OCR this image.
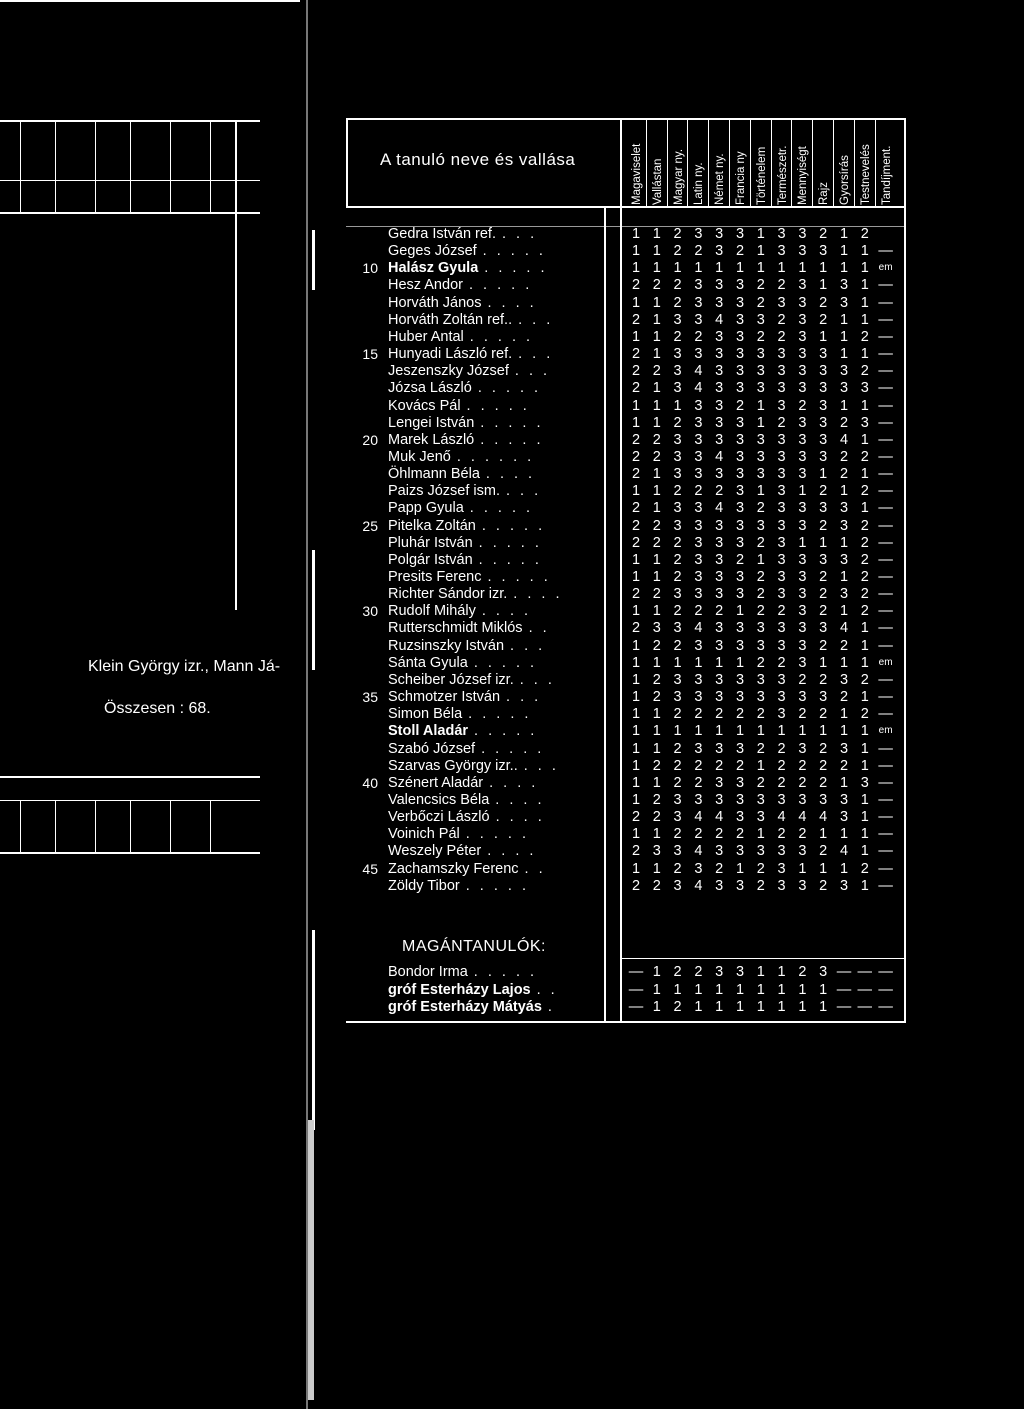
Klein György izr., Mann Já-
Összesen : 68.
A tanuló neve és vallása	Magaviselet Vallástan Magyar ny. Latin ny. Német ny. Francia ny Történelem Természetr. Mennyiségt Rajz Gyorsírás Testnevelés Tandíjment.
Gedra István ref. . . .	1 1 2 3 3 3 1 3 3 2 1 2
Geges József . . . . .	1 1 2 2 3 2 1 3 3 3 1 1 —
10 Halász Gyula . . . . .	1 1 1 1 1 1 1 1 1 1 1 1 em
Hesz Andor . . . . .	2 2 2 3 3 3 2 2 3 1 3 1 —
Horváth János . . . .	1 1 2 3 3 3 2 3 3 2 3 1 —
Horváth Zoltán ref.. . . .	2 1 3 3 4 3 3 2 3 2 1 1 —
Huber Antal . . . . .	1 1 2 2 3 3 2 2 3 1 1 2 —
15 Hunyadi László ref. . . .	2 1 3 3 3 3 3 3 3 3 1 1 —
Jeszenszky József . . .	2 2 3 4 3 3 3 3 3 3 3 2 —
Józsa László . . . . .	2 1 3 4 3 3 3 3 3 3 3 3 —
Kovács Pál . . . . .	1 1 1 3 3 2 1 3 2 3 1 1 —
Lengei István . . . . .	1 1 2 3 3 3 1 2 3 3 2 3 —
20 Marek László . . . . .	2 2 3 3 3 3 3 3 3 3 4 1 —
Muk Jenő . . . . . .	2 2 3 3 4 3 3 3 3 3 2 2 —
Öhlmann Béla . . . .	2 1 3 3 3 3 3 3 3 1 2 1 —
Paizs József ism. . . .	1 1 2 2 2 3 1 3 1 2 1 2 —
Papp Gyula . . . . .	2 1 3 3 4 3 2 3 3 3 3 1 —
25 Pitelka Zoltán . . . . .	2 2 3 3 3 3 3 3 3 2 3 2 —
Pluhár István . . . . .	2 2 2 3 3 3 2 3 1 1 1 2 —
Polgár István . . . . .	1 1 2 3 3 2 1 3 3 3 3 2 —
Presits Ferenc . . . . .	1 1 2 3 3 3 2 3 3 2 1 2 —
Richter Sándor izr. . . . .	2 2 3 3 3 3 2 3 3 2 3 2 —
30 Rudolf Mihály . . . .	1 1 2 2 2 1 2 2 3 2 1 2 —
Rutterschmidt Miklós . .	2 3 3 4 3 3 3 3 3 3 4 1 —
Ruzsinszky István . . .	1 2 2 3 3 3 3 3 3 2 2 1 —
Sánta Gyula . . . . .	1 1 1 1 1 1 2 2 3 1 1 1 em
Scheiber József izr. . . .	1 2 3 3 3 3 3 3 2 2 3 2 —
35 Schmotzer István . . .	1 2 3 3 3 3 3 3 3 3 2 1 —
Simon Béla . . . . .	1 1 2 2 2 2 2 3 2 2 1 2 —
Stoll Aladár . . . . .	1 1 1 1 1 1 1 1 1 1 1 1 em
Szabó József . . . . .	1 1 2 3 3 3 2 2 3 2 3 1 —
Szarvas György izr.. . . .	1 2 2 2 2 2 1 2 2 2 2 1 —
40 Szénert Aladár . . . .	1 1 2 2 3 3 2 2 2 2 1 3 —
Valencsics Béla . . . .	1 2 3 3 3 3 3 3 3 3 3 1 —
Verbőczi László . . . .	2 2 3 4 4 3 3 4 4 4 3 1 —
Voinich Pál . . . . .	1 1 2 2 2 2 1 2 2 1 1 1 —
Weszely Péter . . . .	2 3 3 4 3 3 3 3 3 2 4 1 —
45 Zachamszky Ferenc . .	1 1 2 3 2 1 2 3 1 1 1 2 —
Zöldy Tibor . . . . .	2 2 3 4 3 3 2 3 3 2 3 1 —
MAGÁNTANULÓK:
Bondor Irma . . . . .	— 1 2 2 3 3 1 1 2 3 — — —
gróf Esterházy Lajos . .	— 1 1 1 1 1 1 1 1 1 — — —
gróf Esterházy Mátyás .	— 1 2 1 1 1 1 1 1 1 — — —
